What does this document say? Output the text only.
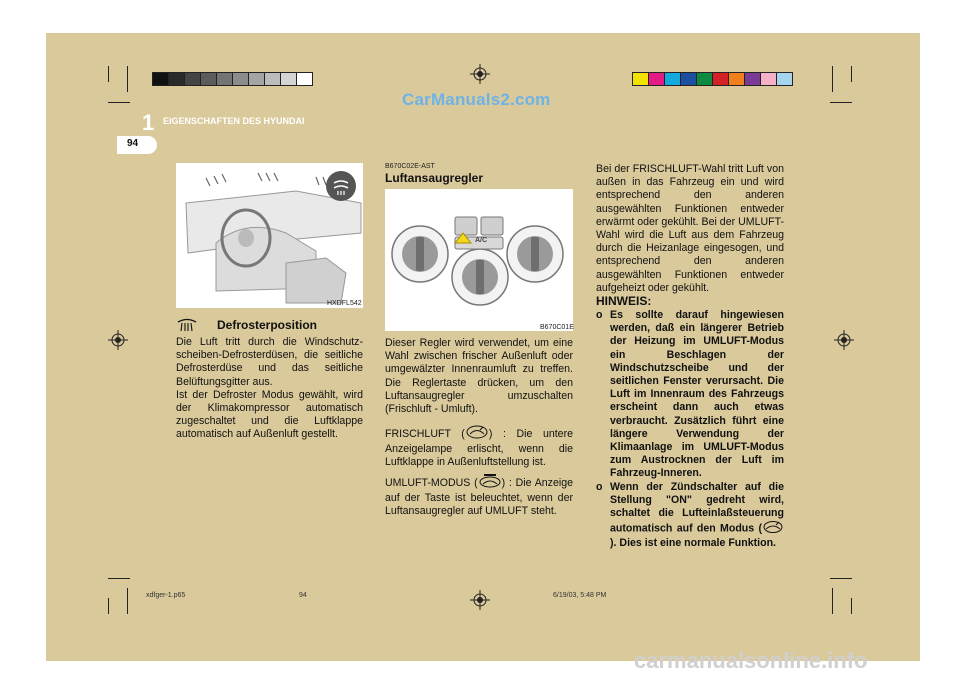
CarManuals2.com
1 EIGENSCHAFTEN DES HYUNDAI
94
HXDFL542
Defrosterposition

Die Luft tritt durch die Windschutz-scheiben-Defrosterdüsen, die seitliche Defrosterdüse und das seitliche Belüftungsgitter aus.

Ist der Defroster Modus gewählt, wird der Klimakompressor automatisch zugeschaltet und die Luftklappe automatisch auf Außenluft gestellt.

B670C02E-AST
Luftansaugregler
A/C
B670C01E

Dieser Regler wird verwendet, um eine Wahl zwischen frischer Außenluft oder umgewälzter Innenraumluft zu treffen. Die Reglertaste drücken, um den Luftansaugregler umzuschalten (Frischluft - Umluft).

FRISCHLUFT ( ) : Die untere Anzeigelampe erlischt, wenn die Luftklappe in Außenluftstellung ist.

UMLUFT-MODUS ( ) : Die Anzeige auf der Taste ist beleuchtet, wenn der Luftansaugregler auf UMLUFT steht.

Bei der FRISCHLUFT-Wahl tritt Luft von außen in das Fahrzeug ein und wird entsprechend den anderen ausgewählten Funktionen entweder erwärmt oder gekühlt. Bei der UMLUFT-Wahl wird die Luft aus dem Fahrzeug durch die Heizanlage eingesogen, und entsprechend den anderen ausgewählten Funktionen entweder aufgeheizt oder gekühlt.

HINWEIS:
o Es sollte darauf hingewiesen werden, daß ein längerer Betrieb der Heizung im UMLUFT-Modus ein Beschlagen der Windschutzscheibe und der seitlichen Fenster verursacht. Die Luft im Innenraum des Fahrzeugs erscheint dann auch etwas verbraucht. Zusätzlich führt eine längere Verwendung der Klimaanlage im UMLUFT-Modus zum Austrocknen der Luft im Fahrzeug-Inneren.
o Wenn der Zündschalter auf die Stellung "ON" gedreht wird, schaltet die Lufteinlaßsteuerung automatisch auf den Modus (). Dies ist eine normale Funktion.
xdfger-1.p65	94	6/19/03, 5:48 PM
carmanualsonline.info
